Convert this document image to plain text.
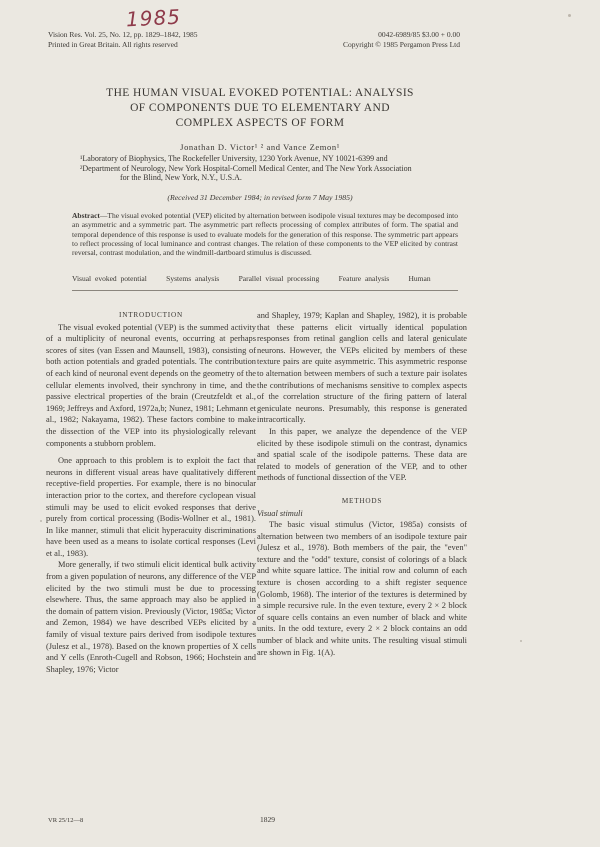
1985
Vision Res. Vol. 25, No. 12, pp. 1829–1842, 1985
Printed in Great Britain. All rights reserved
0042-6989/85 $3.00 + 0.00
Copyright © 1985 Pergamon Press Ltd
THE HUMAN VISUAL EVOKED POTENTIAL: ANALYSIS
OF COMPONENTS DUE TO ELEMENTARY AND
COMPLEX ASPECTS OF FORM
Jonathan D. Victor¹ ² and Vance Zemon¹
¹Laboratory of Biophysics, The Rockefeller University, 1230 York Avenue, NY 10021-6399 and
²Department of Neurology, New York Hospital-Cornell Medical Center, and The New York Association
for the Blind, New York, N.Y., U.S.A.
(Received 31 December 1984; in revised form 7 May 1985)
Abstract—The visual evoked potential (VEP) elicited by alternation between isodipole visual textures may be decomposed into an asymmetric and a symmetric part. The asymmetric part reflects processing of complex attributes of form. The spatial and temporal dependence of this response is used to evaluate models for the generation of this response. The symmetric part appears to reflect processing of local luminance and contrast changes. The relation of these components to the VEP elicited by contrast reversal, contrast modulation, and the windmill-dartboard stimulus is discussed.
Visual evoked potential	Systems analysis	Parallel visual processing	Feature analysis	Human

INTRODUCTION

The visual evoked potential (VEP) is the summed activity of a multiplicity of neuronal events, occurring at perhaps scores of sites (van Essen and Maunsell, 1983), consisting of both action potentials and graded potentials. The contribution of each kind of neuronal event depends on the geometry of the cellular elements involved, their synchrony in time, and the passive electrical properties of the brain (Creutzfeldt et al., 1969; Jeffreys and Axford, 1972a,b; Nunez, 1981; Lehmann et al., 1982; Nakayama, 1982). These factors combine to make the dissection of the VEP into its physiologically relevant components a stubborn problem.

One approach to this problem is to exploit the fact that neurons in different visual areas have qualitatively different receptive-field properties. For example, there is no binocular interaction prior to the cortex, and therefore cyclopean visual stimuli may be used to elicit evoked responses that derive purely from cortical processing (Bodis-Wollner et al., 1981). In like manner, stimuli that elicit hyperacuity discriminations have been used as a means to isolate cortical responses (Levi et al., 1983).

More generally, if two stimuli elicit identical bulk activity from a given population of neurons, any difference of the VEP elicited by the two stimuli must be due to processing elsewhere. Thus, the same approach may also be applied in the domain of pattern vision. Previously (Victor, 1985a; Victor and Zemon, 1984) we have described VEPs elicited by a family of visual texture pairs derived from isodipole textures (Julesz et al., 1978). Based on the known properties of X cells and Y cells (Enroth-Cugell and Robson, 1966; Hochstein and Shapley, 1976; Victor

and Shapley, 1979; Kaplan and Shapley, 1982), it is probable that these patterns elicit virtually identical population responses from retinal ganglion cells and lateral geniculate neurons. However, the VEPs elicited by members of these texture pairs are quite asymmetric. This asymmetric response to alternation between members of such a texture pair isolates the contributions of mechanisms sensitive to complex aspects of the correlation structure of the firing pattern of lateral geniculate neurons. Presumably, this response is generated intracortically.

In this paper, we analyze the dependence of the VEP elicited by these isodipole stimuli on the contrast, dynamics and spatial scale of the isodipole patterns. These data are related to models of generation of the VEP, and to other methods of functional dissection of the VEP.

METHODS

Visual stimuli

The basic visual stimulus (Victor, 1985a) consists of alternation between two members of an isodipole texture pair (Julesz et al., 1978). Both members of the pair, the "even" texture and the "odd" texture, consist of colorings of a black and white square lattice. The initial row and column of each texture is chosen according to a shift register sequence (Golomb, 1968). The interior of the textures is determined by a simple recursive rule. In the even texture, every 2 × 2 block of square cells contains an even number of black and white units. In the odd texture, every 2 × 2 block contains an odd number of black and white units. The resulting visual stimuli are shown in Fig. 1(A).

VR 25/12—8	1829
